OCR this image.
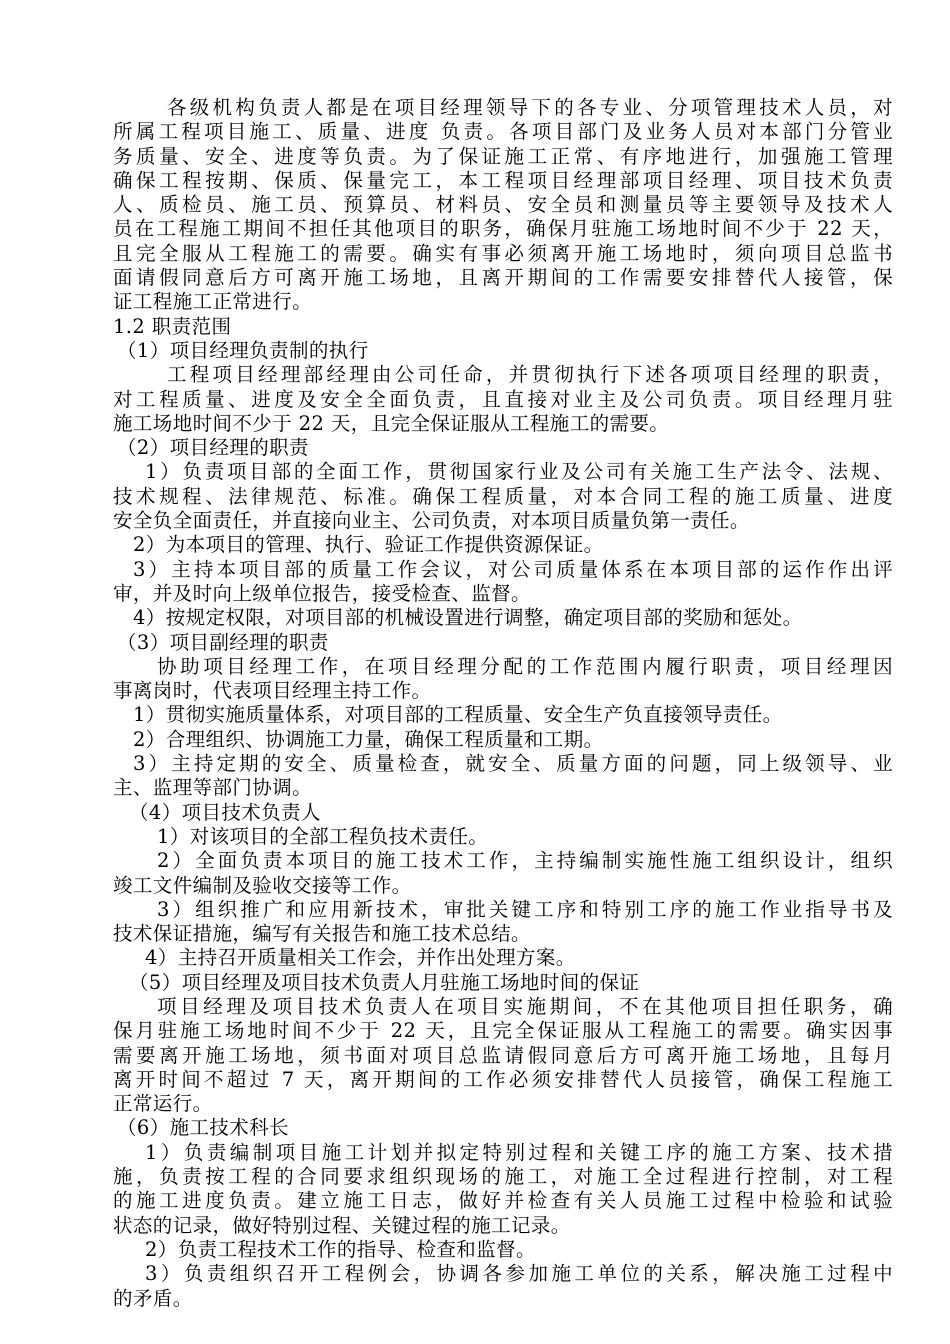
各级机构负责人都是在项目经理领导下的各专业、分项管理技术人员，对
所属工程项目施工、质量、进度 负责。各项目部门及业务人员对本部门分管业
务质量、安全、进度等负责。为了保证施工正常、有序地进行，加强施工管理
确保工程按期、保质、保量完工，本工程项目经理部项目经理、项目技术负责
人、质检员、施工员、预算员、材料员、安全员和测量员等主要领导及技术人
员在工程施工期间不担任其他项目的职务，确保月驻施工场地时间不少于 22 天，
且完全服从工程施工的需要。确实有事必须离开施工场地时，须向项目总监书
面请假同意后方可离开施工场地，且离开期间的工作需要安排替代人接管，保
证工程施工正常进行。
1.2 职责范围
（1）项目经理负责制的执行
工程项目经理部经理由公司任命，并贯彻执行下述各项项目经理的职责，
对工程质量、进度及安全全面负责，且直接对业主及公司负责。项目经理月驻
施工场地时间不少于 22 天，且完全保证服从工程施工的需要。
（2）项目经理的职责
1）负责项目部的全面工作，贯彻国家行业及公司有关施工生产法令、法规、
技术规程、法律规范、标准。确保工程质量，对本合同工程的施工质量、进度
安全负全面责任，并直接向业主、公司负责，对本项目质量负第一责任。
2）为本项目的管理、执行、验证工作提供资源保证。
3）主持本项目部的质量工作会议，对公司质量体系在本项目部的运作作出评
审，并及时向上级单位报告，接受检查、监督。
4）按规定权限，对项目部的机械设置进行调整，确定项目部的奖励和惩处。
（3）项目副经理的职责
协助项目经理工作，在项目经理分配的工作范围内履行职责，项目经理因
事离岗时，代表项目经理主持工作。
1）贯彻实施质量体系，对项目部的工程质量、安全生产负直接领导责任。
2）合理组织、协调施工力量，确保工程质量和工期。
3）主持定期的安全、质量检查，就安全、质量方面的问题，同上级领导、业
主、监理等部门协调。
（4）项目技术负责人
1）对该项目的全部工程负技术责任。
2）全面负责本项目的施工技术工作，主持编制实施性施工组织设计，组织
竣工文件编制及验收交接等工作。
3）组织推广和应用新技术，审批关键工序和特别工序的施工作业指导书及
技术保证措施，编写有关报告和施工技术总结。
4）主持召开质量相关工作会，并作出处理方案。
（5）项目经理及项目技术负责人月驻施工场地时间的保证
项目经理及项目技术负责人在项目实施期间，不在其他项目担任职务，确
保月驻施工场地时间不少于 22 天，且完全保证服从工程施工的需要。确实因事
需要离开施工场地，须书面对项目总监请假同意后方可离开施工场地，且每月
离开时间不超过 7 天，离开期间的工作必须安排替代人员接管，确保工程施工
正常运行。
（6）施工技术科长
1）负责编制项目施工计划并拟定特别过程和关键工序的施工方案、技术措
施，负责按工程的合同要求组织现场的施工，对施工全过程进行控制，对工程
的施工进度负责。建立施工日志，做好并检查有关人员施工过程中检验和试验
状态的记录，做好特别过程、关键过程的施工记录。
2）负责工程技术工作的指导、检查和监督。
3）负责组织召开工程例会，协调各参加施工单位的关系，解决施工过程中
的矛盾。
